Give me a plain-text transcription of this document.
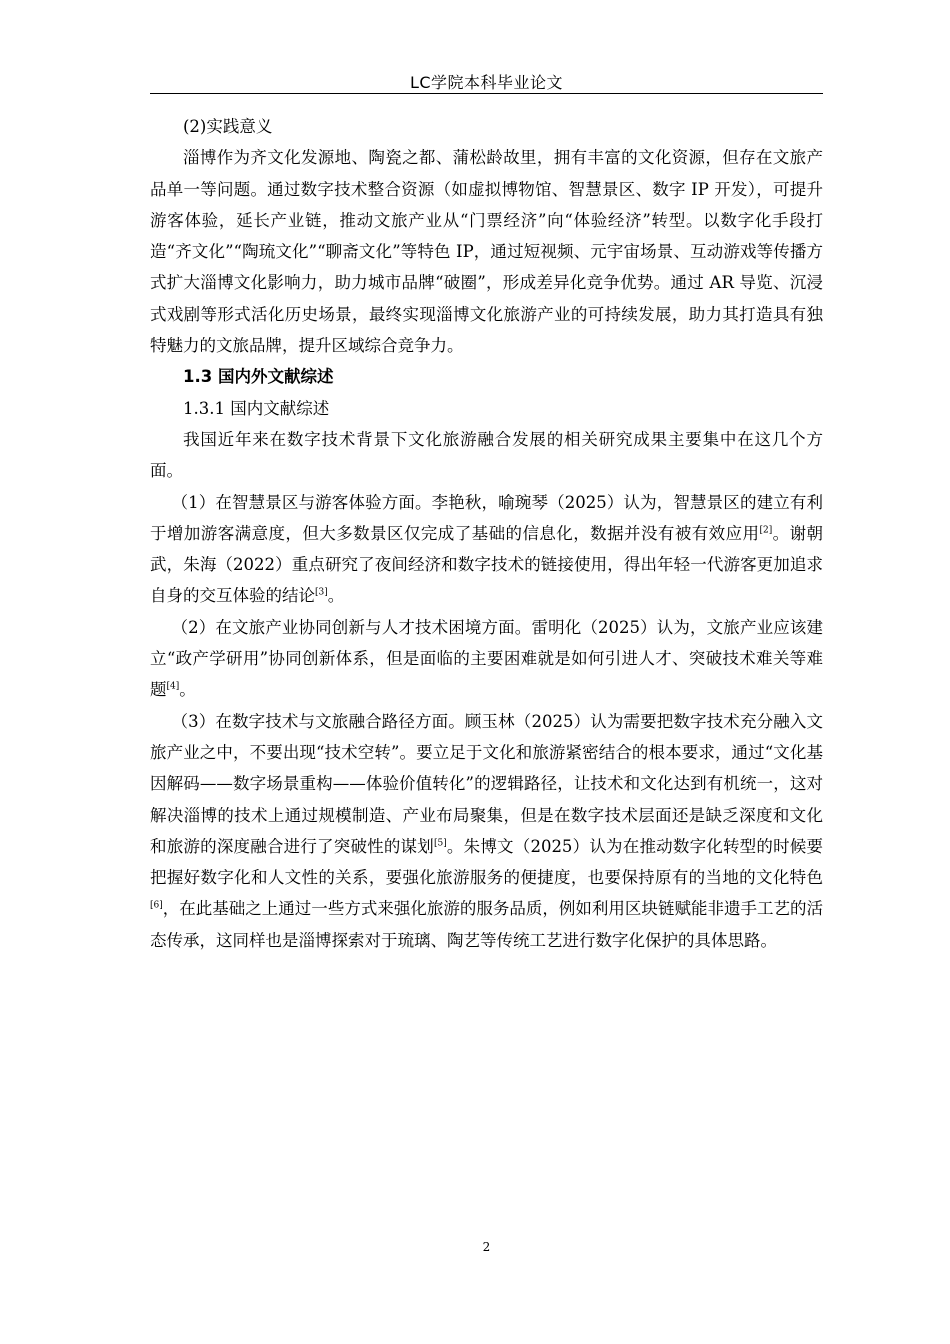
LC学院本科毕业论文

(2)实践意义

淄博作为齐文化发源地、陶瓷之都、蒲松龄故里，拥有丰富的文化资源，但存在文旅产品单一等问题。通过数字技术整合资源（如虚拟博物馆、智慧景区、数字 IP 开发），可提升游客体验，延长产业链，推动文旅产业从“门票经济”向“体验经济”转型。以数字化手段打造“齐文化”“陶琉文化”“聊斋文化”等特色 IP，通过短视频、元宇宙场景、互动游戏等传播方式扩大淄博文化影响力，助力城市品牌“破圈”，形成差异化竞争优势。通过 AR 导览、沉浸式戏剧等形式活化历史场景，最终实现淄博文化旅游产业的可持续发展，助力其打造具有独特魅力的文旅品牌，提升区域综合竞争力。

1.3 国内外文献综述

1.3.1 国内文献综述

我国近年来在数字技术背景下文化旅游融合发展的相关研究成果主要集中在这几个方面。

（1）在智慧景区与游客体验方面。李艳秋，喻琬琴（2025）认为，智慧景区的建立有利于增加游客满意度，但大多数景区仅完成了基础的信息化，数据并没有被有效应用[2]。谢朝武，朱海（2022）重点研究了夜间经济和数字技术的链接使用，得出年轻一代游客更加追求自身的交互体验的结论[3]。

（2）在文旅产业协同创新与人才技术困境方面。雷明化（2025）认为，文旅产业应该建立“政产学研用”协同创新体系，但是面临的主要困难就是如何引进人才、突破技术难关等难题[4]。

（3）在数字技术与文旅融合路径方面。顾玉林（2025）认为需要把数字技术充分融入文旅产业之中，不要出现“技术空转”。要立足于文化和旅游紧密结合的根本要求，通过“文化基因解码——数字场景重构——体验价值转化”的逻辑路径，让技术和文化达到有机统一，这对解决淄博的技术上通过规模制造、产业布局聚集，但是在数字技术层面还是缺乏深度和文化和旅游的深度融合进行了突破性的谋划[5]。朱博文（2025）认为在推动数字化转型的时候要把握好数字化和人文性的关系，要强化旅游服务的便捷度，也要保持原有的当地的文化特色[6]，在此基础之上通过一些方式来强化旅游的服务品质，例如利用区块链赋能非遗手工艺的活态传承，这同样也是淄博探索对于琉璃、陶艺等传统工艺进行数字化保护的具体思路。

2
